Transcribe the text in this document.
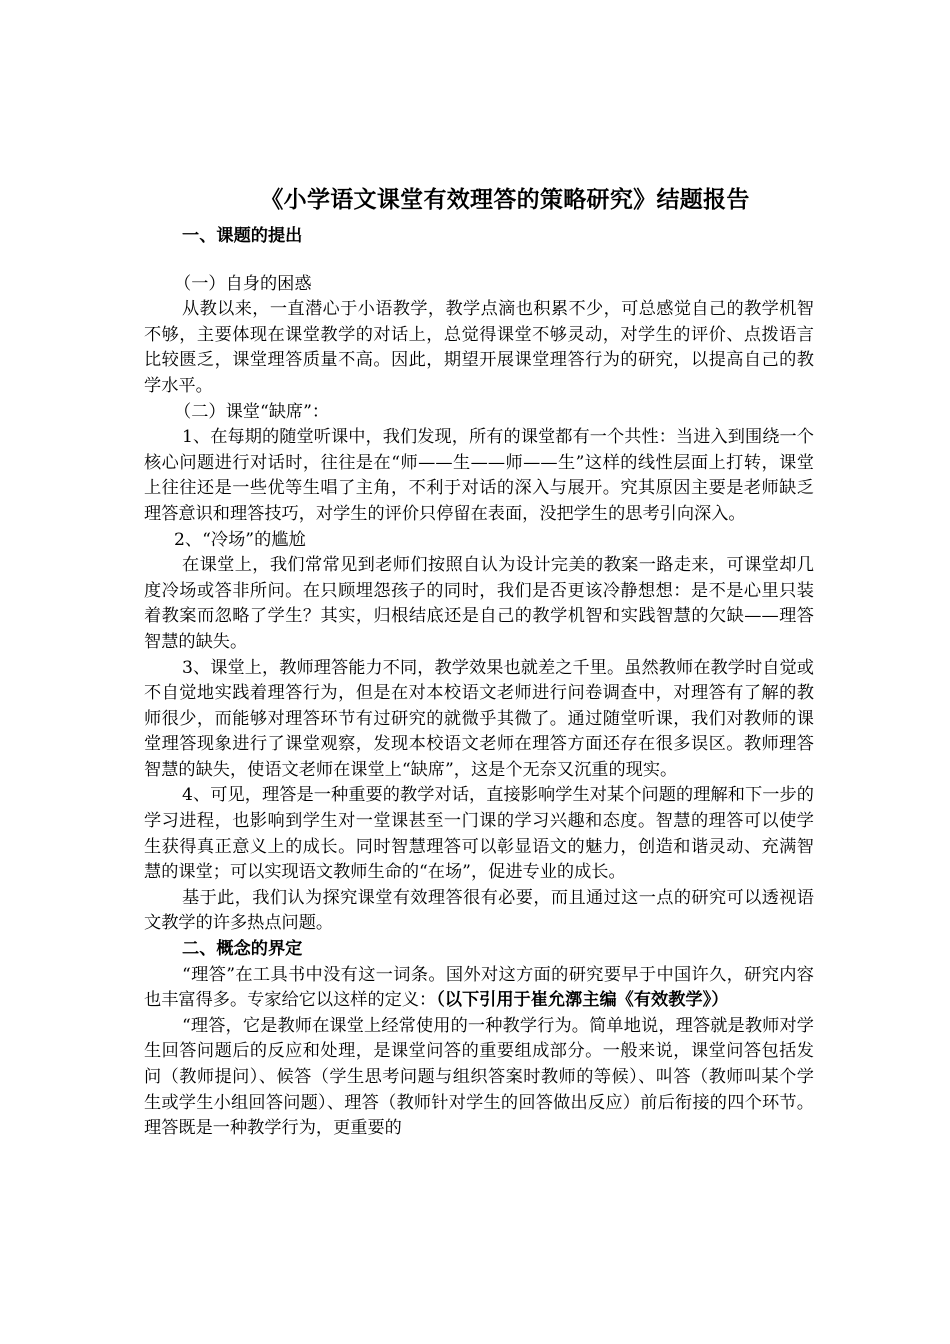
《小学语文课堂有效理答的策略研究》结题报告

一、课题的提出

（一）自身的困惑

从教以来，一直潜心于小语教学，教学点滴也积累不少，可总感觉自己的教学机智不够，主要体现在课堂教学的对话上，总觉得课堂不够灵动，对学生的评价、点拨语言比较匮乏，课堂理答质量不高。因此，期望开展课堂理答行为的研究，以提高自己的教学水平。

（二）课堂“缺席”：

1、在每期的随堂听课中，我们发现，所有的课堂都有一个共性：当进入到围绕一个核心问题进行对话时，往往是在“师——生——师——生”这样的线性层面上打转，课堂上往往还是一些优等生唱了主角，不利于对话的深入与展开。究其原因主要是老师缺乏理答意识和理答技巧，对学生的评价只停留在表面，没把学生的思考引向深入。

2、“冷场”的尴尬

在课堂上，我们常常见到老师们按照自认为设计完美的教案一路走来，可课堂却几度冷场或答非所问。在只顾埋怨孩子的同时，我们是否更该冷静想想：是不是心里只装着教案而忽略了学生？其实，归根结底还是自己的教学机智和实践智慧的欠缺——理答智慧的缺失。

3、课堂上，教师理答能力不同，教学效果也就差之千里。虽然教师在教学时自觉或不自觉地实践着理答行为，但是在对本校语文老师进行问卷调查中，对理答有了解的教师很少，而能够对理答环节有过研究的就微乎其微了。通过随堂听课，我们对教师的课堂理答现象进行了课堂观察，发现本校语文老师在理答方面还存在很多误区。教师理答智慧的缺失，使语文老师在课堂上“缺席”，这是个无奈又沉重的现实。

4、可见，理答是一种重要的教学对话，直接影响学生对某个问题的理解和下一步的学习进程，也影响到学生对一堂课甚至一门课的学习兴趣和态度。智慧的理答可以使学生获得真正意义上的成长。同时智慧理答可以彰显语文的魅力，创造和谐灵动、充满智慧的课堂；可以实现语文教师生命的“在场”，促进专业的成长。

基于此，我们认为探究课堂有效理答很有必要，而且通过这一点的研究可以透视语文教学的许多热点问题。

二、概念的界定

“理答”在工具书中没有这一词条。国外对这方面的研究要早于中国许久，研究内容也丰富得多。专家给它以这样的定义：（以下引用于崔允漷主编《有效教学》）

“理答，它是教师在课堂上经常使用的一种教学行为。简单地说，理答就是教师对学生回答问题后的反应和处理，是课堂问答的重要组成部分。一般来说，课堂问答包括发问（教师提问）、候答（学生思考问题与组织答案时教师的等候）、叫答（教师叫某个学生或学生小组回答问题）、理答（教师针对学生的回答做出反应）前后衔接的四个环节。理答既是一种教学行为，更重要的
